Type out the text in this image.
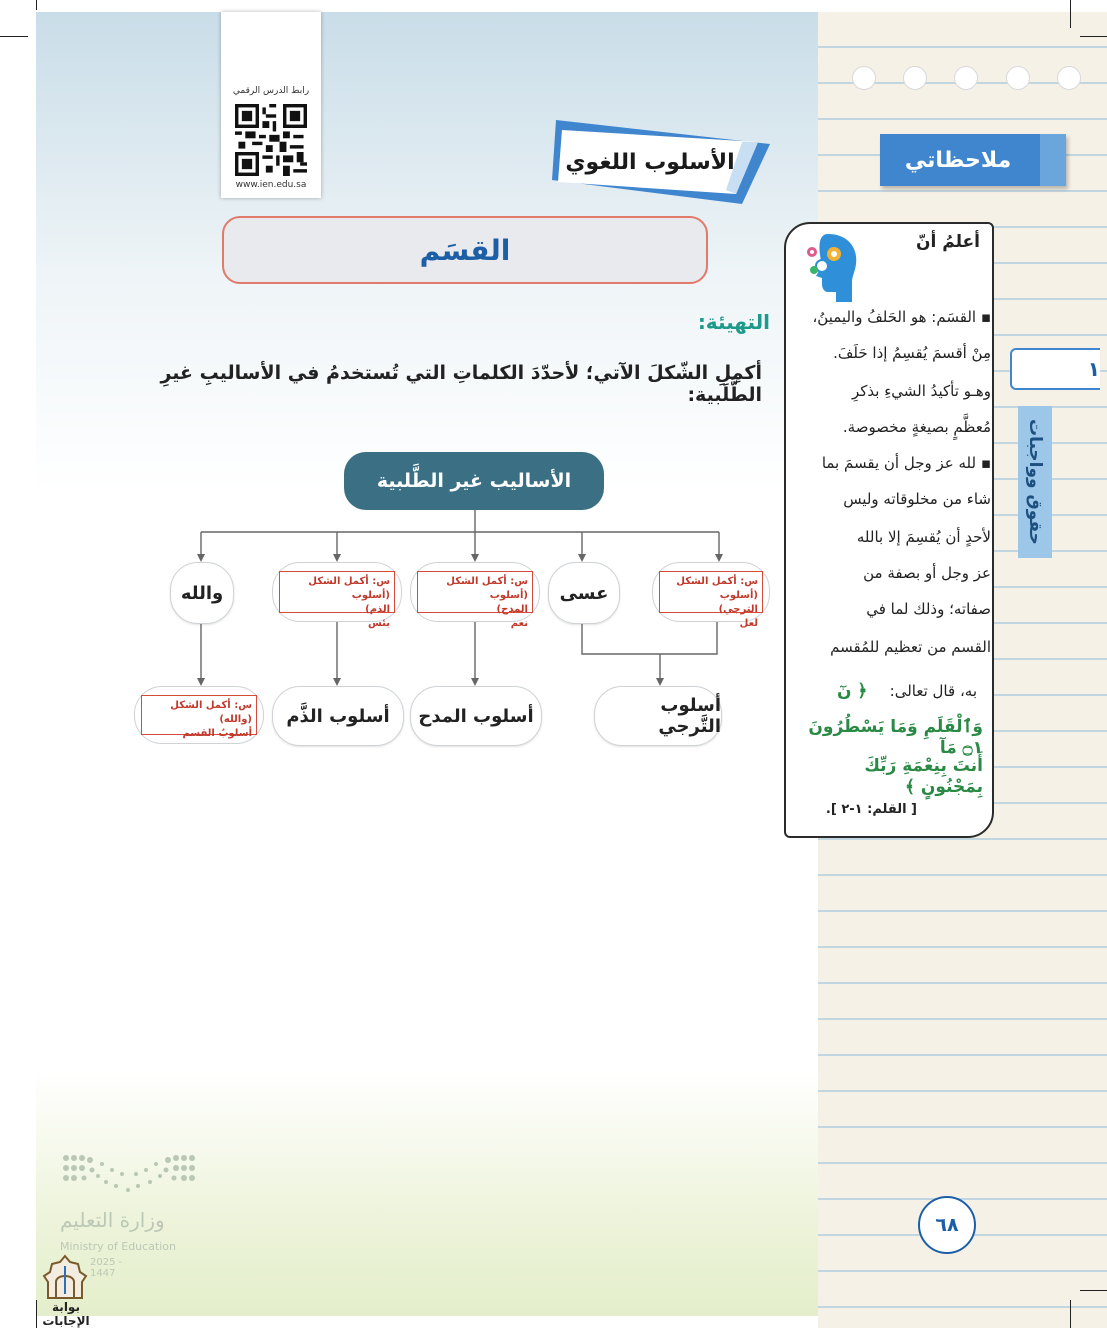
ملاحظاتي
١
حقوق وواجبات
رابط الدرس الرقمي
www.ien.edu.sa
الأسلوب اللغوي
القسَم
التهيئة:
أكمِلِ الشّكلَ الآتي؛ لأحدّدَ الكلماتِ التي تُستخدمُ في الأساليبِ غيرِ الطَّلَبية:
الأساليب غير الطَّلبية
س: أكمل الشكل (أسلوب
الترجي)
لعل
عسى
س: أكمل الشكل (أسلوب
المدح)
نعم
س: أكمل الشكل (أسلوب
الذم)
بئس
والله
أسلوب التَّرجي
أسلوب المدح
أسلوب الذَّم
س: أكمل الشكل (والله)
أسلوبُ القسم
أعلمُ أنّ
▪ القسَم: هو الحَلفُ واليمينُ،
مِنْ أقسمَ يُقسِمُ إذا حَلَفَ.
وهـو تأكيدُ الشيءِ بذكرِ
مُعظَّمٍ بصيغةٍ مخصوصة.
▪ لله عز وجل أن يقسمَ بما
شاء من مخلوقاته وليس
لأحدٍ أن يُقسِمَ إلا بالله
عز وجل أو بصفة من
صفاته؛ وذلك لما في
القسم من تعظيم للمُقسم
به، قال تعالى:
﴿ نٓ
وَٱلْقَلَمِ وَمَا يَسْطُرُونَ ۝١ مَآ
أَنتَ بِنِعْمَةِ رَبِّكَ بِمَجْنُونٍ ﴾
[ القلم: ١-٢ ].
٦٨
وزارة التعليم
Ministry of Education
2025 - 1447
بوابة الإجابات
